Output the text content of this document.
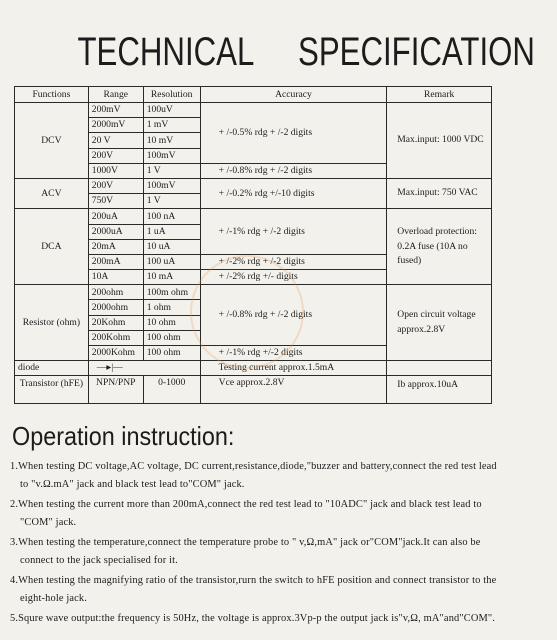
TECHNICAL SPECIFICATION
Functions	Range	Resolution	Accuracy	Remark
DCV	200mV	100uV	+ /-0.5% rdg + /-2 digits	Max.input: 1000 VDC
	2000mV	1 mV		
	20 V	10 mV		
	200V	100mV		
	1000V	1 V	+ /-0.8% rdg + /-2 digits	
ACV	200V	100mV	+ /-0.2% rdg +/-10 digits	Max.input: 750 VAC
	750V	1 V		
DCA	200uA	100 nA	+ /-1% rdg + /-2 digits	Overload protection: 0.2A fuse (10A no fused)
	2000uA	1 uA		
	20mA	10 uA		
	200mA	100 uA	+ /-2% rdg + /-2 digits	
	10A	10 mA	+ /-2% rdg +/- digits	
Resistor (ohm)	200ohm	100m ohm	+ /-0.8% rdg + /-2 digits	Open circuit voltage approx.2.8V
	2000ohm	1 ohm		
	20Kohm	10 ohm		
	200Kohm	100 ohm		
	2000Kohm	100 ohm	+ /-1% rdg +/-2 digits	
diode	—▸|—		Testing current approx.1.5mA	
Transistor (hFE)	NPN/PNP	0-1000	Vce approx.2.8V	Ib approx.10uA
Operation instruction:
1.When testing DC voltage,AC voltage, DC current,resistance,diode,"buzzer and battery,connect the red test lead to "v.Ω.mA" jack and black test lead to"COM" jack.
2.When testing the current more than 200mA,connect the red test lead to "10ADC" jack and black test lead to "COM" jack.
3.When testing the temperature,connect the temperature probe to " v,Ω,mA" jack or"COM"jack.It can also be connect to the jack specialised for it.
4.When testing the magnifying ratio of the transistor,rurn the switch to hFE position and connect transistor to the eight-hole jack.
5.Squre wave output:the frequency is 50Hz, the voltage is approx.3Vp-p the output jack is"v,Ω, mA"and"COM".
